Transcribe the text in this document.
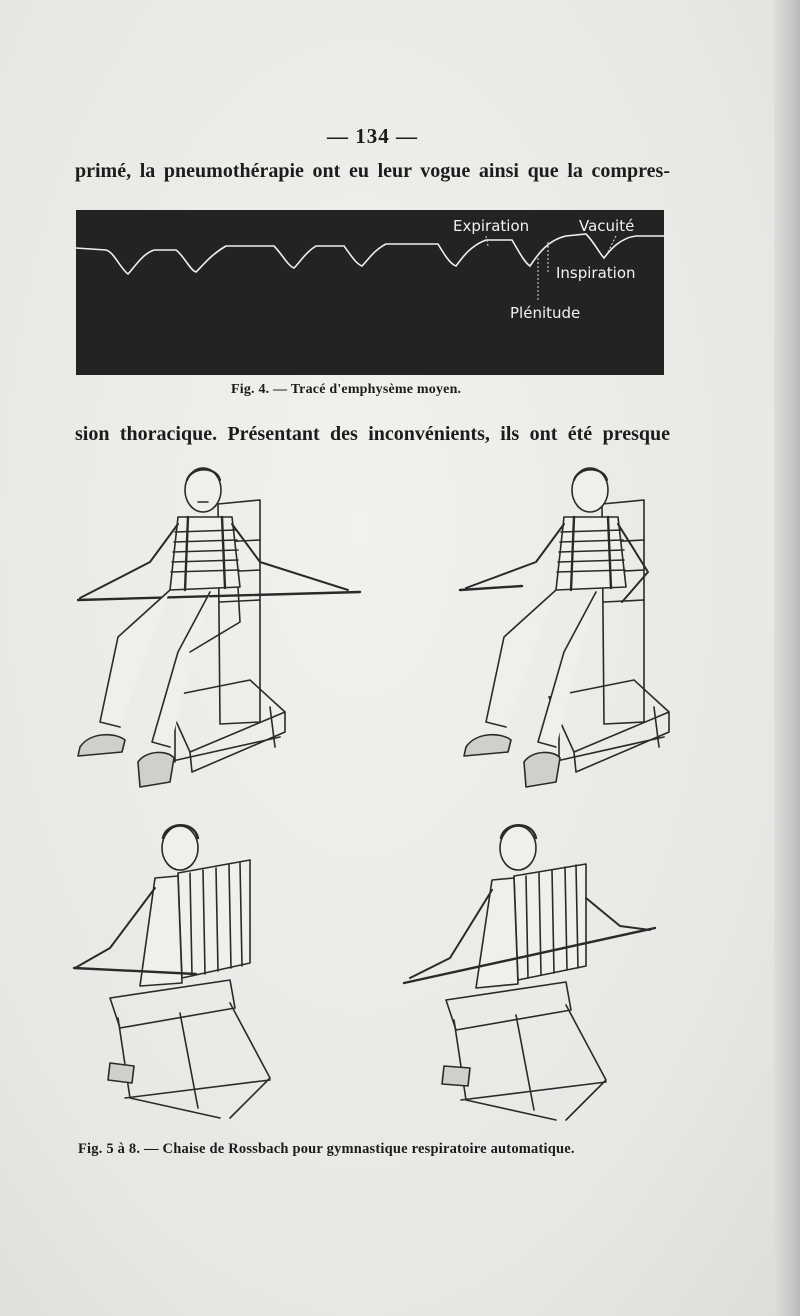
— 134 —
primé, la pneumothérapie ont eu leur vogue ainsi que la compres-
Expiration	Vacuité
Inspiration
Plénitude
Fig. 4. — Tracé d'emphysème moyen.
sion thoracique. Présentant des inconvénients, ils ont été presque
Fig. 5 à 8. — Chaise de Rossbach pour gymnastique respiratoire automatique.
